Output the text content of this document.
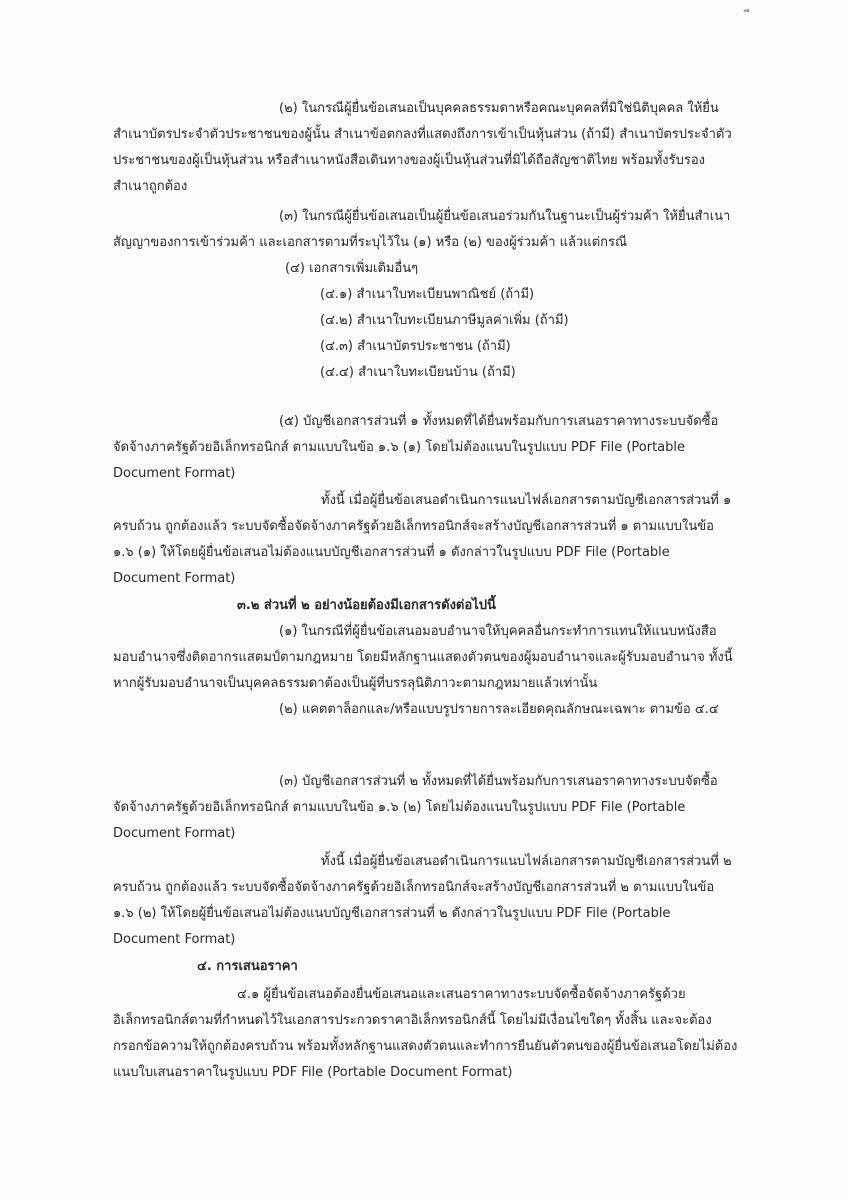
(๒) ในกรณีผู้ยื่นข้อเสนอเป็นบุคคลธรรมดาหรือคณะบุคคลที่มิใช่นิติบุคคล ให้ยื่น
สำเนาบัตรประจำตัวประชาชนของผู้นั้น สำเนาข้อตกลงที่แสดงถึงการเข้าเป็นหุ้นส่วน (ถ้ามี) สำเนาบัตรประจำตัว
ประชาชนของผู้เป็นหุ้นส่วน หรือสำเนาหนังสือเดินทางของผู้เป็นหุ้นส่วนที่มิได้ถือสัญชาติไทย พร้อมทั้งรับรอง
สำเนาถูกต้อง
(๓) ในกรณีผู้ยื่นข้อเสนอเป็นผู้ยื่นข้อเสนอร่วมกันในฐานะเป็นผู้ร่วมค้า ให้ยื่นสำเนา
สัญญาของการเข้าร่วมค้า และเอกสารตามที่ระบุไว้ใน (๑) หรือ (๒) ของผู้ร่วมค้า แล้วแต่กรณี
(๔) เอกสารเพิ่มเติมอื่นๆ
(๔.๑) สำเนาใบทะเบียนพาณิชย์ (ถ้ามี)
(๔.๒) สำเนาใบทะเบียนภาษีมูลค่าเพิ่ม (ถ้ามี)
(๔.๓) สำเนาบัตรประชาชน (ถ้ามี)
(๔.๔) สำเนาใบทะเบียนบ้าน (ถ้ามี)
(๕) บัญชีเอกสารส่วนที่ ๑ ทั้งหมดที่ได้ยื่นพร้อมกับการเสนอราคาทางระบบจัดซื้อ
จัดจ้างภาครัฐด้วยอิเล็กทรอนิกส์ ตามแบบในข้อ ๑.๖ (๑) โดยไม่ต้องแนบในรูปแบบ PDF File (Portable
Document Format)
ทั้งนี้ เมื่อผู้ยื่นข้อเสนอดำเนินการแนบไฟล์เอกสารตามบัญชีเอกสารส่วนที่ ๑
ครบถ้วน ถูกต้องแล้ว ระบบจัดซื้อจัดจ้างภาครัฐด้วยอิเล็กทรอนิกส์จะสร้างบัญชีเอกสารส่วนที่ ๑ ตามแบบในข้อ
๑.๖ (๑) ให้โดยผู้ยื่นข้อเสนอไม่ต้องแนบบัญชีเอกสารส่วนที่ ๑ ดังกล่าวในรูปแบบ PDF File (Portable
Document Format)
๓.๒ ส่วนที่ ๒ อย่างน้อยต้องมีเอกสารดังต่อไปนี้
(๑) ในกรณีที่ผู้ยื่นข้อเสนอมอบอำนาจให้บุคคลอื่นกระทำการแทนให้แนบหนังสือ
มอบอำนาจซึ่งติดอากรแสตมป์ตามกฎหมาย โดยมีหลักฐานแสดงตัวตนของผู้มอบอำนาจและผู้รับมอบอำนาจ ทั้งนี้
หากผู้รับมอบอำนาจเป็นบุคคลธรรมดาต้องเป็นผู้ที่บรรลุนิติภาวะตามกฎหมายแล้วเท่านั้น
(๒) แคตตาล็อกและ/หรือแบบรูปรายการละเอียดคุณลักษณะเฉพาะ ตามข้อ ๔.๔
(๓) บัญชีเอกสารส่วนที่ ๒ ทั้งหมดที่ได้ยื่นพร้อมกับการเสนอราคาทางระบบจัดซื้อ
จัดจ้างภาครัฐด้วยอิเล็กทรอนิกส์ ตามแบบในข้อ ๑.๖ (๒) โดยไม่ต้องแนบในรูปแบบ PDF File (Portable
Document Format)
ทั้งนี้ เมื่อผู้ยื่นข้อเสนอดำเนินการแนบไฟล์เอกสารตามบัญชีเอกสารส่วนที่ ๒
ครบถ้วน ถูกต้องแล้ว ระบบจัดซื้อจัดจ้างภาครัฐด้วยอิเล็กทรอนิกส์จะสร้างบัญชีเอกสารส่วนที่ ๒ ตามแบบในข้อ
๑.๖ (๒) ให้โดยผู้ยื่นข้อเสนอไม่ต้องแนบบัญชีเอกสารส่วนที่ ๒ ดังกล่าวในรูปแบบ PDF File (Portable
Document Format)
๔. การเสนอราคา
๔.๑ ผู้ยื่นข้อเสนอต้องยื่นข้อเสนอและเสนอราคาทางระบบจัดซื้อจัดจ้างภาครัฐด้วย
อิเล็กทรอนิกส์ตามที่กำหนดไว้ในเอกสารประกวดราคาอิเล็กทรอนิกส์นี้ โดยไม่มีเงื่อนไขใดๆ ทั้งสิ้น และจะต้อง
กรอกข้อความให้ถูกต้องครบถ้วน พร้อมทั้งหลักฐานแสดงตัวตนและทำการยืนยันตัวตนของผู้ยื่นข้อเสนอโดยไม่ต้อง
แนบใบเสนอราคาในรูปแบบ PDF File (Portable Document Format)
